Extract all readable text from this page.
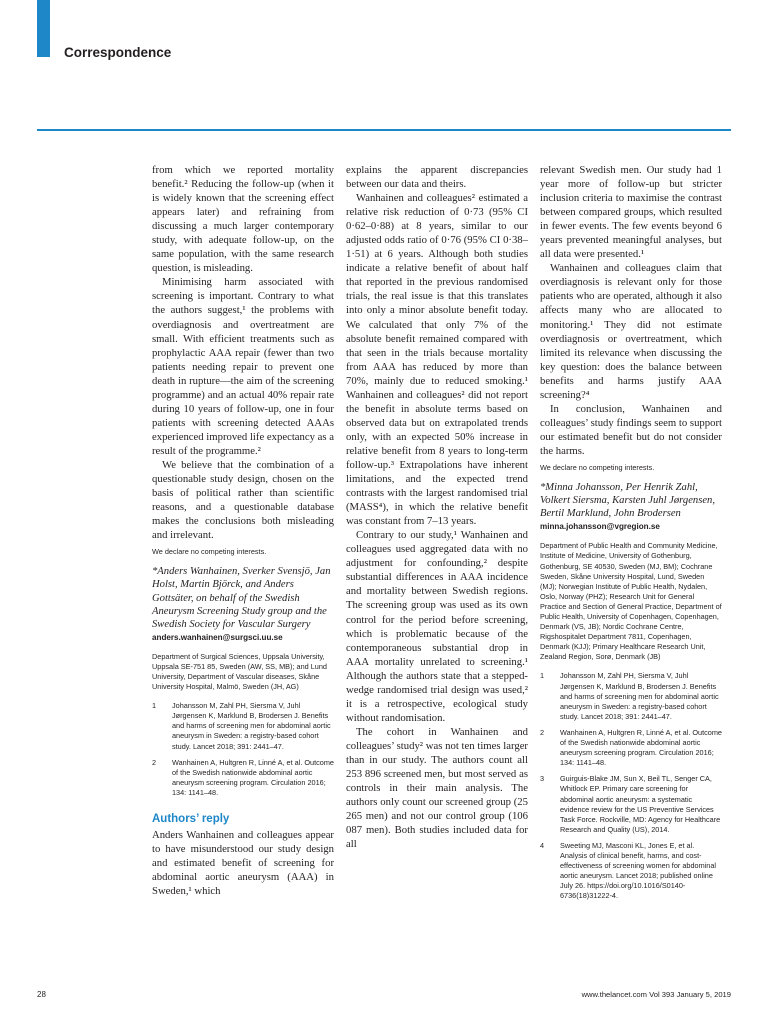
Correspondence

from which we reported mortality benefit.² Reducing the follow-up (when it is widely known that the screening effect appears later) and refraining from discussing a much larger contemporary study, with adequate follow-up, on the same population, with the same research question, is misleading.

Minimising harm associated with screening is important. Contrary to what the authors suggest,¹ the problems with overdiagnosis and overtreatment are small. With efficient treatments such as prophylactic AAA repair (fewer than two patients needing repair to prevent one death in rupture—the aim of the screening programme) and an actual 40% repair rate during 10 years of follow-up, one in four patients with screening detected AAAs experienced improved life expectancy as a result of the programme.²

We believe that the combination of a questionable study design, chosen on the basis of political rather than scientific reasons, and a questionable database makes the conclusions both misleading and irrelevant.

We declare no competing interests.

*Anders Wanhainen, Sverker Svensjö, Jan Holst, Martin Björck, and Anders Gottsäter, on behalf of the Swedish Aneurysm Screening Study group and the Swedish Society for Vascular Surgery

anders.wanhainen@surgsci.uu.se

Department of Surgical Sciences, Uppsala University, Uppsala SE-751 85, Sweden (AW, SS, MB); and Lund University, Department of Vascular diseases, Skåne University Hospital, Malmö, Sweden (JH, AG)

1 Johansson M, Zahl PH, Siersma V, Juhl Jørgensen K, Marklund B, Brodersen J. Benefits and harms of screening men for abdominal aortic aneurysm in Sweden: a registry-based cohort study. Lancet 2018; 391: 2441–47.
2 Wanhainen A, Hultgren R, Linné A, et al. Outcome of the Swedish nationwide abdominal aortic aneurysm screening program. Circulation 2016; 134: 1141–48.
Authors’ reply

Anders Wanhainen and colleagues appear to have misunderstood our study design and estimated benefit of screening for abdominal aortic aneurysm (AAA) in Sweden,¹ which

explains the apparent discrepancies between our data and theirs.

Wanhainen and colleagues² estimated a relative risk reduction of 0·73 (95% CI 0·62–0·88) at 8 years, similar to our adjusted odds ratio of 0·76 (95% CI 0·38–1·51) at 6 years. Although both studies indicate a relative benefit of about half that reported in the previous randomised trials, the real issue is that this translates into only a minor absolute benefit today. We calculated that only 7% of the absolute benefit remained compared with that seen in the trials because mortality from AAA has reduced by more than 70%, mainly due to reduced smoking.¹ Wanhainen and colleagues² did not report the benefit in absolute terms based on observed data but on extrapolated trends only, with an expected 50% increase in relative benefit from 8 years to long-term follow-up.³ Extrapolations have inherent limitations, and the expected trend contrasts with the largest randomised trial (MASS⁴), in which the relative benefit was constant from 7–13 years.

Contrary to our study,¹ Wanhainen and colleagues used aggregated data with no adjustment for confounding,² despite substantial differences in AAA incidence and mortality between Swedish regions. The screening group was used as its own control for the period before screening, which is problematic because of the contemporaneous substantial drop in AAA mortality unrelated to screening.¹ Although the authors state that a stepped-wedge randomised trial design was used,² it is a retrospective, ecological study without randomisation.

The cohort in Wanhainen and colleagues’ study² was not ten times larger than in our study. The authors count all 253 896 screened men, but most served as controls in their main analysis. The authors only count our screened group (25 265 men) and not our control group (106 087 men). Both studies included data for all

relevant Swedish men. Our study had 1 year more of follow-up but stricter inclusion criteria to maximise the contrast between compared groups, which resulted in fewer events. The few events beyond 6 years prevented meaningful analyses, but all data were presented.¹

Wanhainen and colleagues claim that overdiagnosis is relevant only for those patients who are operated, although it also affects many who are allocated to monitoring.¹ They did not estimate overdiagnosis or overtreatment, which limited its relevance when discussing the key question: does the balance between benefits and harms justify AAA screening?⁴

In conclusion, Wanhainen and colleagues’ study findings seem to support our estimated benefit but do not consider the harms.

We declare no competing interests.

*Minna Johansson, Per Henrik Zahl, Volkert Siersma, Karsten Juhl Jørgensen, Bertil Marklund, John Brodersen

minna.johansson@vgregion.se

Department of Public Health and Community Medicine, Institute of Medicine, University of Gothenburg, Gothenburg, SE 40530, Sweden (MJ, BM); Cochrane Sweden, Skåne University Hospital, Lund, Sweden (MJ); Norwegian Institute of Public Health, Nydalen, Oslo, Norway (PHZ); Research Unit for General Practice and Section of General Practice, Department of Public Health, University of Copenhagen, Copenhagen, Denmark (VS, JB); Nordic Cochrane Centre, Rigshospitalet Department 7811, Copenhagen, Denmark (KJJ); Primary Healthcare Research Unit, Zealand Region, Sorø, Denmark (JB)

1 Johansson M, Zahl PH, Siersma V, Juhl Jørgensen K, Marklund B, Brodersen J. Benefits and harms of screening men for abdominal aortic aneurysm in Sweden: a registry-based cohort study. Lancet 2018; 391: 2441–47.
2 Wanhainen A, Hultgren R, Linné A, et al. Outcome of the Swedish nationwide abdominal aortic aneurysm screening program. Circulation 2016; 134: 1141–48.
3 Guirguis-Blake JM, Sun X, Beil TL, Senger CA, Whitlock EP. Primary care screening for abdominal aortic aneurysm: a systematic evidence review for the US Preventive Services Task Force. Rockville, MD: Agency for Healthcare Research and Quality (US), 2014.
4 Sweeting MJ, Masconi KL, Jones E, et al. Analysis of clinical benefit, harms, and cost-effectiveness of screening women for abdominal aortic aneurysm. Lancet 2018; published online July 26. https://doi.org/10.1016/S0140-6736(18)31222-4.

28	www.thelancet.com Vol 393 January 5, 2019
